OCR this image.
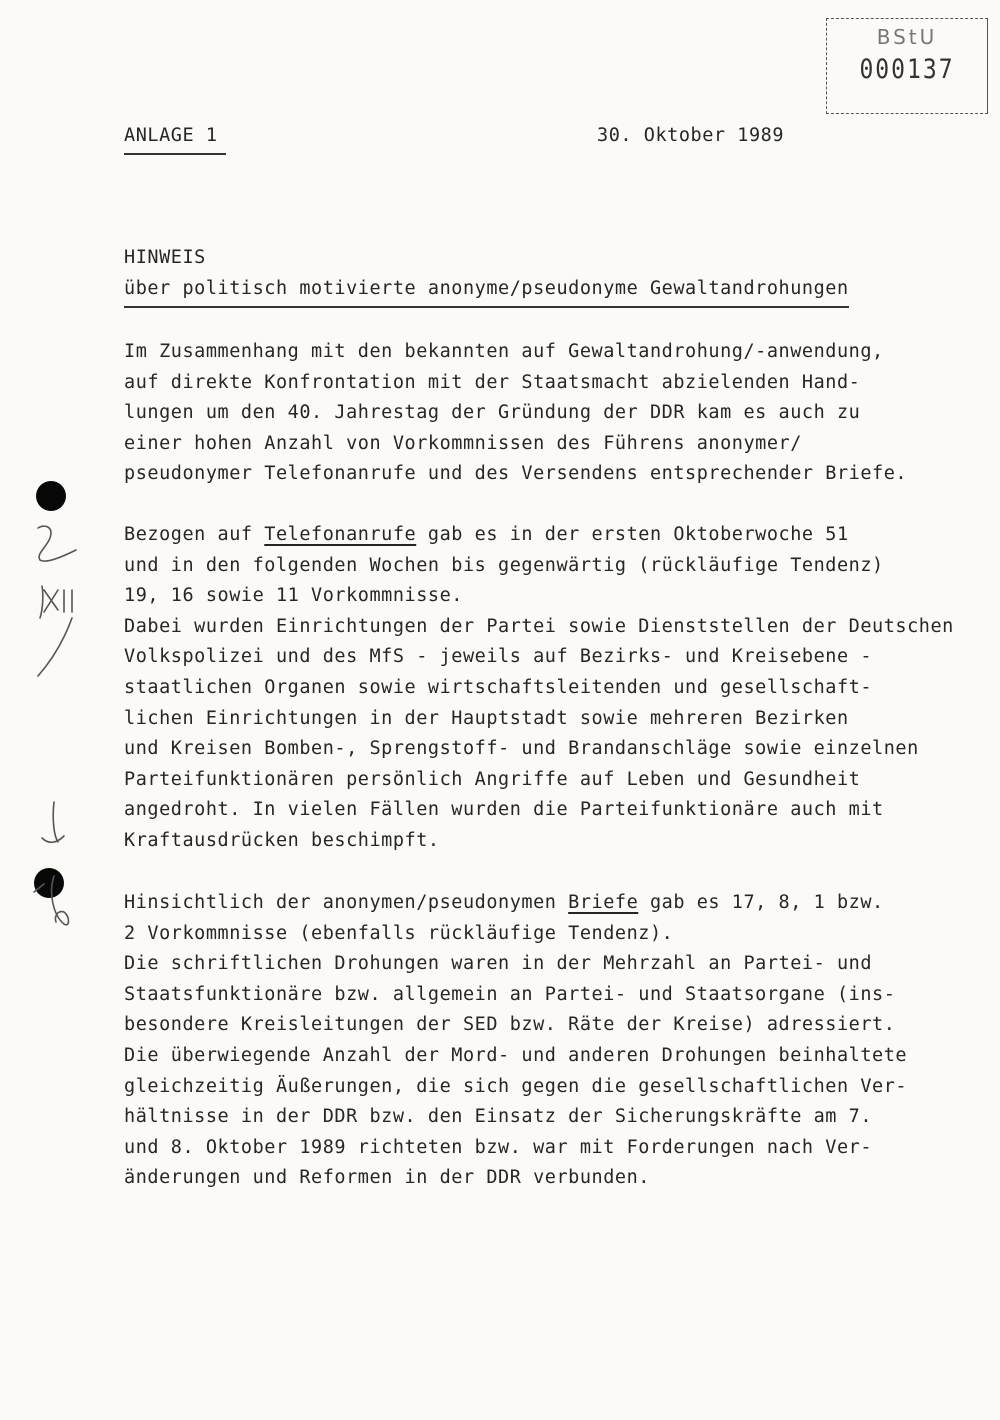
BStU
000137
ANLAGE 1	30. Oktober 1989
HINWEIS
über politisch motivierte anonyme/pseudonyme Gewaltandrohungen
Im Zusammenhang mit den bekannten auf Gewaltandrohung/-anwendung,
auf direkte Konfrontation mit der Staatsmacht abzielenden Hand-
lungen um den 40. Jahrestag der Gründung der DDR kam es auch zu
einer hohen Anzahl von Vorkommnissen des Führens anonymer/
pseudonymer Telefonanrufe und des Versendens entsprechender Briefe.
Bezogen auf Telefonanrufe gab es in der ersten Oktoberwoche 51
und in den folgenden Wochen bis gegenwärtig (rückläufige Tendenz)
19, 16 sowie 11 Vorkommnisse.
Dabei wurden Einrichtungen der Partei sowie Dienststellen der Deutschen
Volkspolizei und des MfS - jeweils auf Bezirks- und Kreisebene -
staatlichen Organen sowie wirtschaftsleitenden und gesellschaft-
lichen Einrichtungen in der Hauptstadt sowie mehreren Bezirken
und Kreisen Bomben-, Sprengstoff- und Brandanschläge sowie einzelnen
Parteifunktionären persönlich Angriffe auf Leben und Gesundheit
angedroht. In vielen Fällen wurden die Parteifunktionäre auch mit
Kraftausdrücken beschimpft.
Hinsichtlich der anonymen/pseudonymen Briefe gab es 17, 8, 1 bzw.
2 Vorkommnisse (ebenfalls rückläufige Tendenz).
Die schriftlichen Drohungen waren in der Mehrzahl an Partei- und
Staatsfunktionäre bzw. allgemein an Partei- und Staatsorgane (ins-
besondere Kreisleitungen der SED bzw. Räte der Kreise) adressiert.
Die überwiegende Anzahl der Mord- und anderen Drohungen beinhaltete
gleichzeitig Äußerungen, die sich gegen die gesellschaftlichen Ver-
hältnisse in der DDR bzw. den Einsatz der Sicherungskräfte am 7.
und 8. Oktober 1989 richteten bzw. war mit Forderungen nach Ver-
änderungen und Reformen in der DDR verbunden.
